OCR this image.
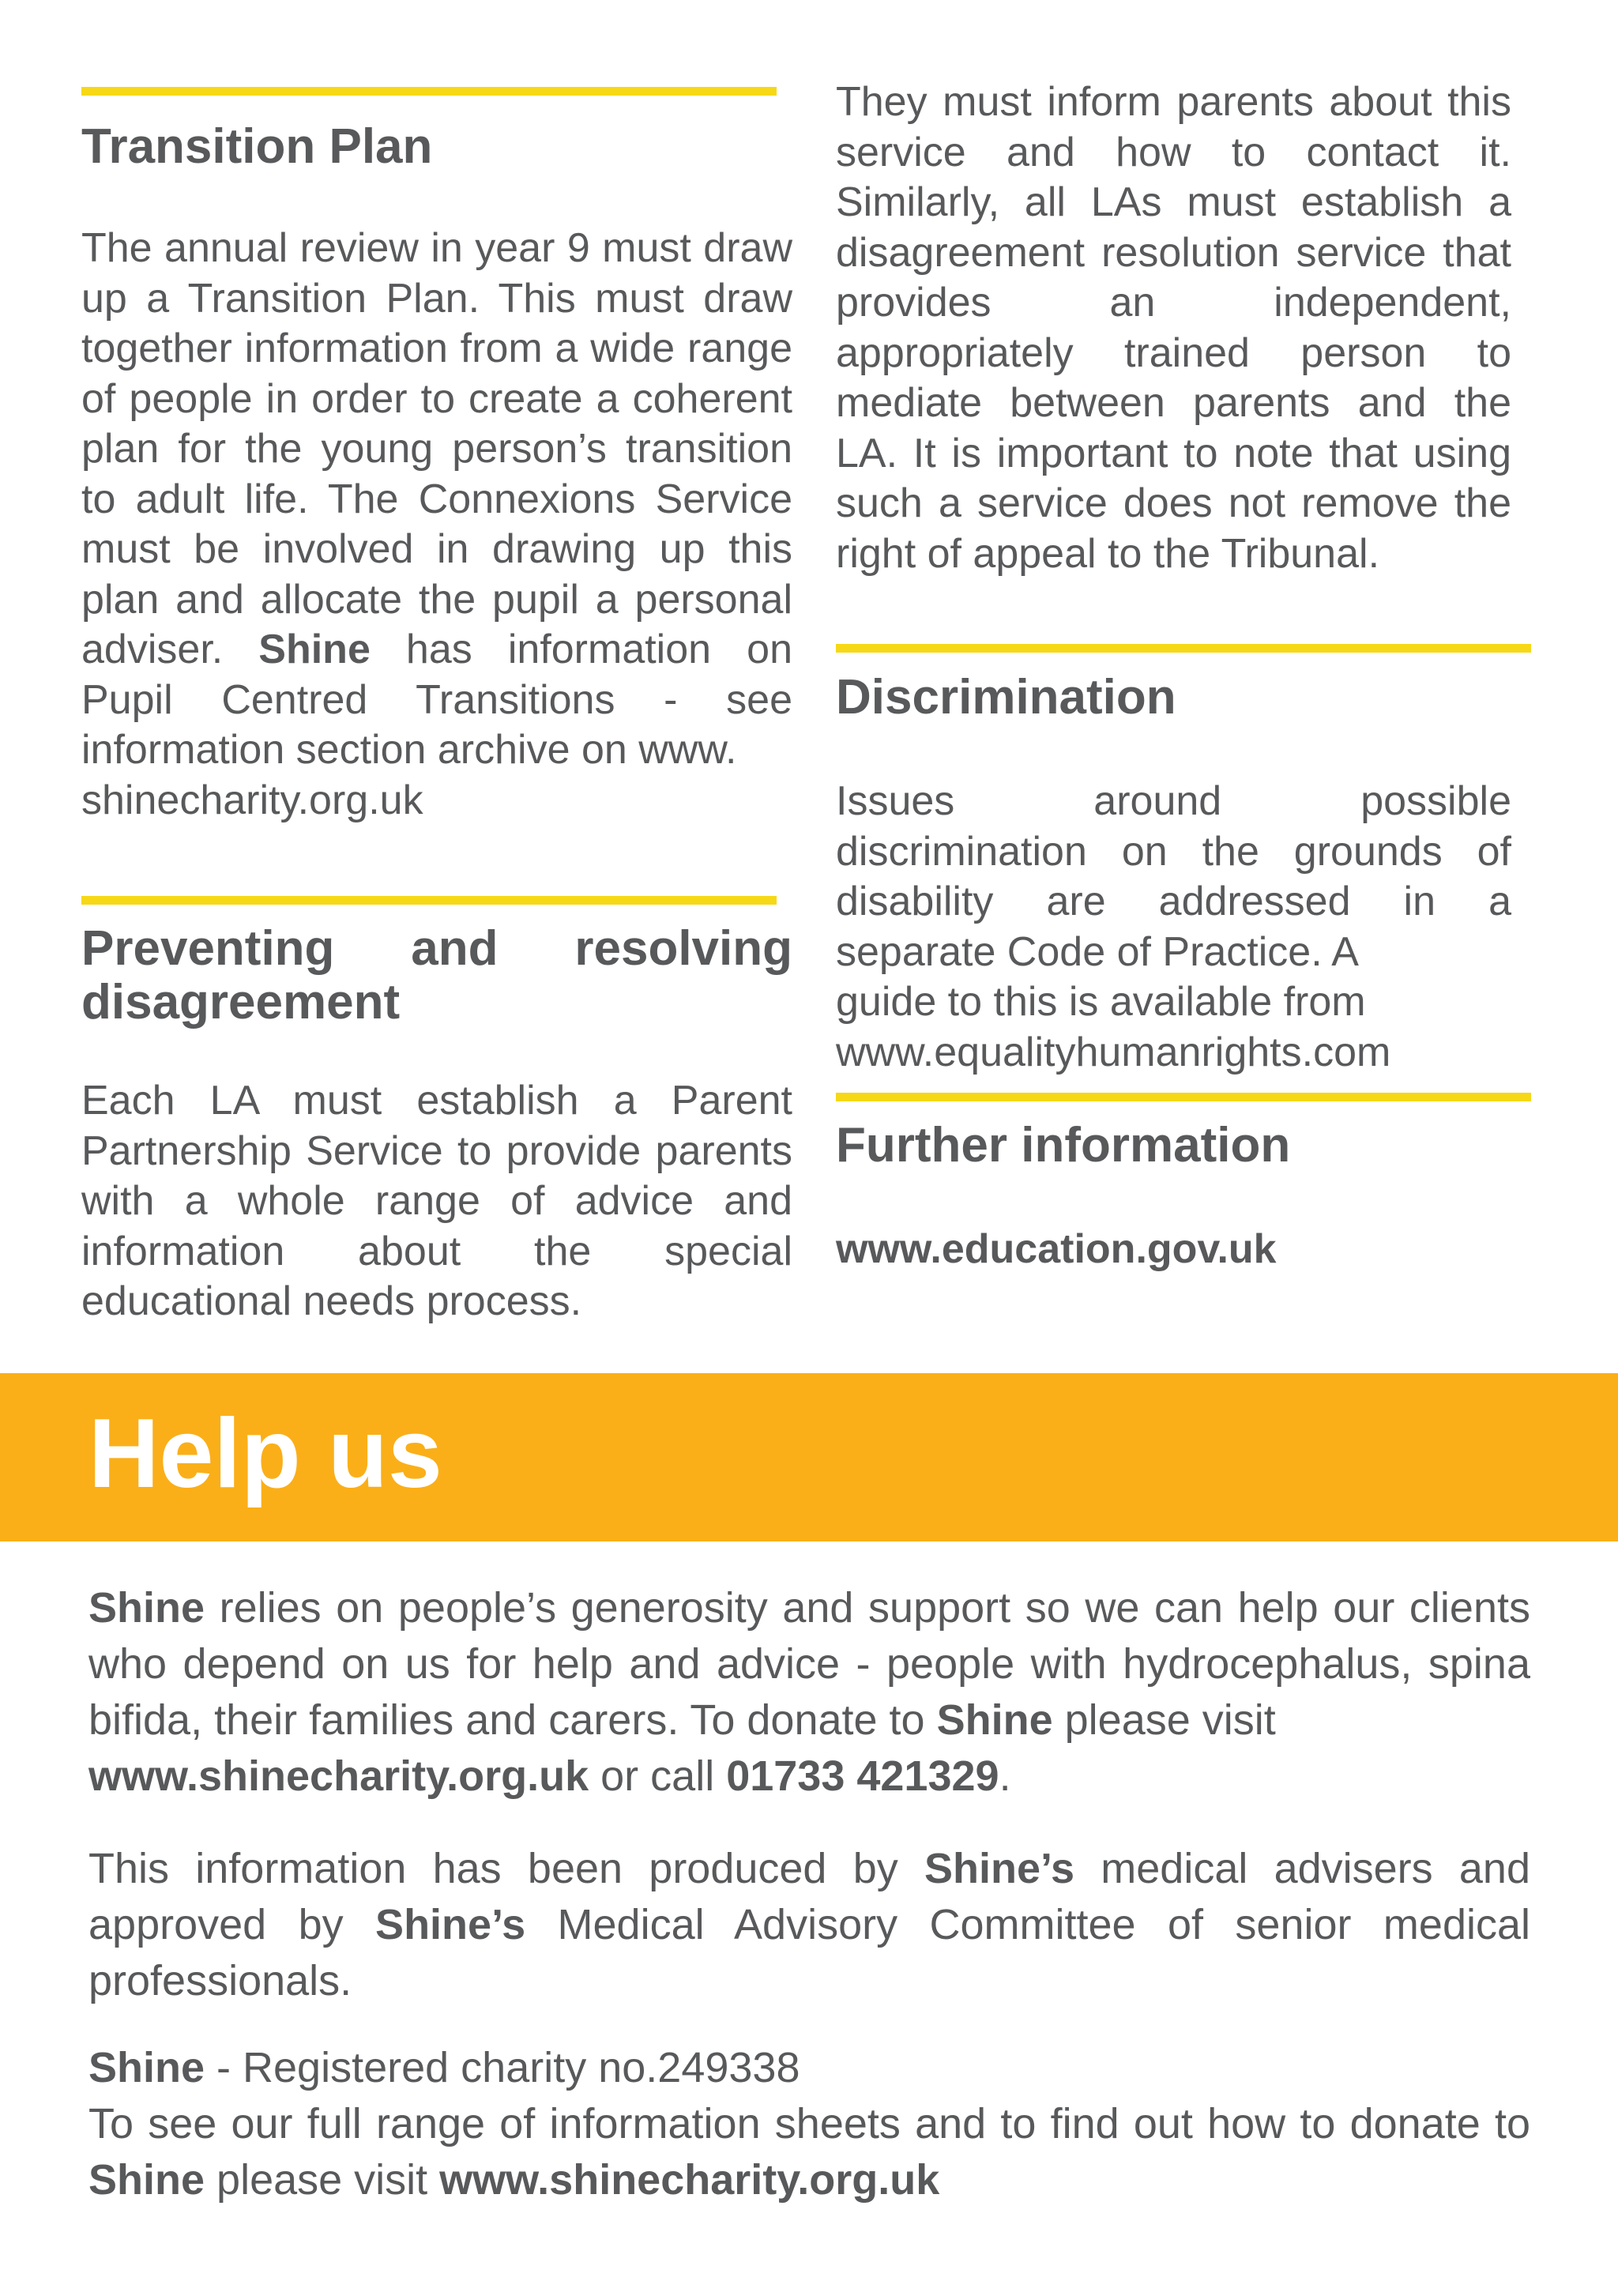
Transition Plan

The annual review in year 9 must draw up a Transition Plan. This must draw together information from a wide range of people in order to create a coherent plan for the young person’s transition to adult life. The Connexions Service must be involved in drawing up this plan and allocate the pupil a personal adviser. Shine has information on Pupil Centred Transitions - see information section archive on www.
shinecharity.org.uk

Preventing and resolving
disagreement

Each LA must establish a Parent Partnership Service to provide parents with a whole range of advice and information about the special educational needs process.

They must inform parents about this service and how to contact it. Similarly, all LAs must establish a disagreement resolution service that provides an independent, appropriately trained person to mediate between parents and the LA. It is important to note that using such a service does not remove the right of appeal to the Tribunal.

Discrimination

Issues around possible discrimination on the grounds of disability are addressed in a separate Code of Practice. A
guide to this is available from
www.equalityhumanrights.com

Further information

www.education.gov.uk

Help us

Shine relies on people’s generosity and support so we can help our clients who depend on us for help and advice - people with hydrocephalus, spina bifida, their families and carers. To donate to Shine please visit
www.shinecharity.org.uk or call 01733 421329.

This information has been produced by Shine’s medical advisers and approved by Shine’s Medical Advisory Committee of senior medical professionals.

Shine - Registered charity no.249338
To see our full range of information sheets and to find out how to donate to Shine please visit www.shinecharity.org.uk
